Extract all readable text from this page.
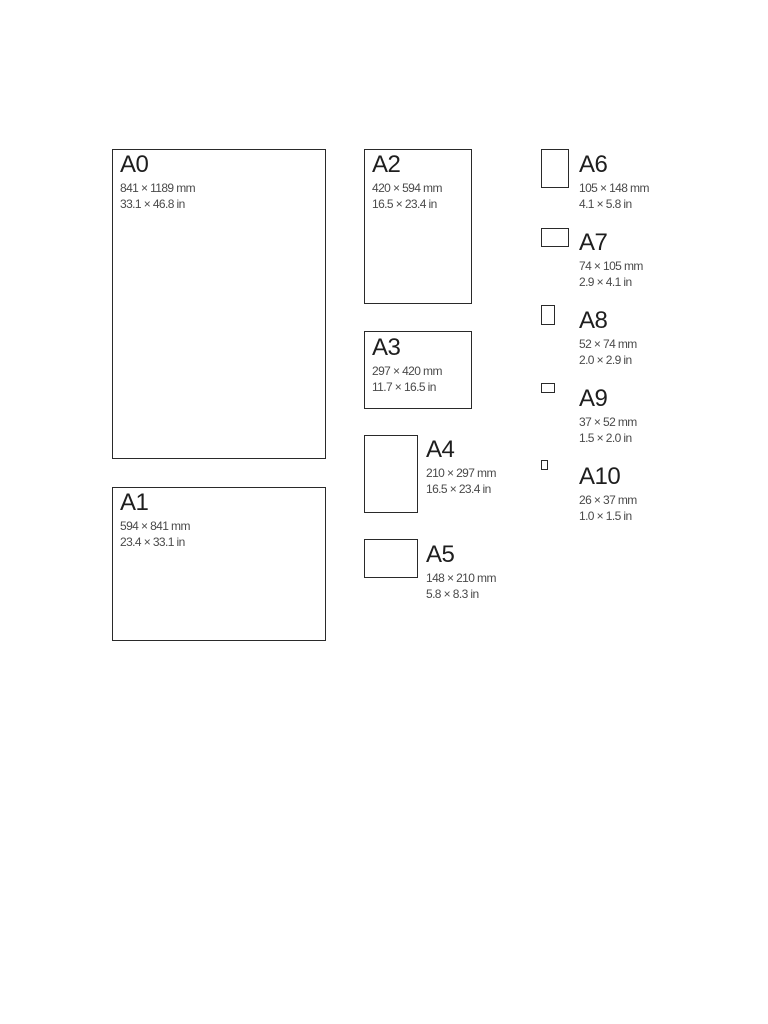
A0
841 × 1189 mm
33.1 × 46.8 in
A1
594 × 841 mm
23.4 × 33.1 in
A2
420 × 594 mm
16.5 × 23.4 in
A3
297 × 420 mm
11.7 × 16.5 in
A4
210 × 297 mm
16.5 × 23.4 in
A5
148 × 210 mm
5.8 × 8.3 in
A6
105 × 148 mm
4.1 × 5.8 in
A7
74 × 105 mm
2.9 × 4.1 in
A8
52 × 74 mm
2.0 × 2.9 in
A9
37 × 52 mm
1.5 × 2.0 in
A10
26 × 37 mm
1.0 × 1.5 in
